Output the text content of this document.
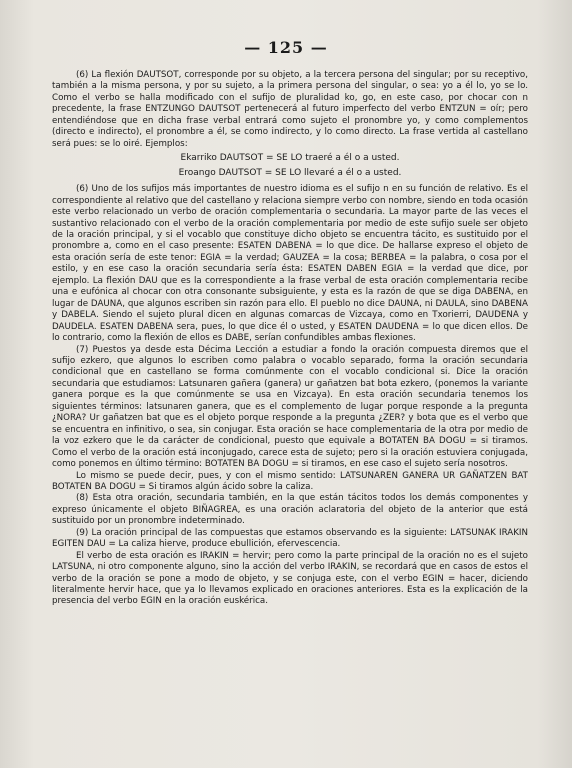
— 125 —

(6) La flexión DAUTSOT, corresponde por su objeto, a la tercera persona del singular; por su receptivo, también a la misma persona, y por su sujeto, a la primera persona del singular, o sea: yo a él lo, yo se lo. Como el verbo se halla modificado con el sufijo de pluralidad ko, go, en este caso, por chocar con n precedente, la frase ENTZUNGO DAUTSOT pertenecerá al futuro imperfecto del verbo ENTZUN = oír; pero entendiéndose que en dicha frase verbal entrará como sujeto el pronombre yo, y como complementos (directo e indirecto), el pronombre a él, se como indirecto, y lo como directo. La frase vertida al castellano será pues: se lo oiré. Ejemplos:

Ekarriko DAUTSOT = SE LO traeré a él o a usted.
Eroango DAUTSOT = SE LO llevaré a él o a usted.

(6) Uno de los sufijos más importantes de nuestro idioma es el sufijo n en su función de relativo. Es el correspondiente al relativo que del castellano y relaciona siempre verbo con nombre, siendo en toda ocasión este verbo relacionado un verbo de oración complementaria o secundaria. La mayor parte de las veces el sustantivo relacionado con el verbo de la oración complementaria por medio de este sufijo suele ser objeto de la oración principal, y si el vocablo que constituye dicho objeto se encuentra tácito, es sustituido por el pronombre a, como en el caso presente: ESATEN DABENA = lo que dice. De hallarse expreso el objeto de esta oración sería de este tenor: EGIA = la verdad; GAUZEA = la cosa; BERBEA = la palabra, o cosa por el estilo, y en ese caso la oración secundaria sería ésta: ESATEN DABEN EGIA = la verdad que dice, por ejemplo. La flexión DAU que es la correspondiente a la frase verbal de esta oración complementaria recibe una e eufónica al chocar con otra consonante subsiguiente, y esta es la razón de que se diga DABENA, en lugar de DAUNA, que algunos escriben sin razón para ello. El pueblo no dice DAUNA, ni DAULA, sino DABENA y DABELA. Siendo el sujeto plural dicen en algunas comarcas de Vizcaya, como en Txorierri, DAUDENA y DAUDELA. ESATEN DABENA sera, pues, lo que dice él o usted, y ESATEN DAUDENA = lo que dicen ellos. De lo contrario, como la flexión de ellos es DABE, serían confundibles ambas flexiones.

(7) Puestos ya desde esta Décima Lección a estudiar a fondo la oración compuesta diremos que el sufijo ezkero, que algunos lo escriben como palabra o vocablo separado, forma la oración secundaria condicional que en castellano se forma comúnmente con el vocablo condicional si. Dice la oración secundaria que estudiamos: Latsunaren gañera (ganera) ur gañatzen bat bota ezkero, (ponemos la variante ganera porque es la que comúnmente se usa en Vizcaya). En esta oración secundaria tenemos los siguientes términos: latsunaren ganera, que es el complemento de lugar porque responde a la pregunta ¿NORA? Ur gañatzen bat que es el objeto porque responde a la pregunta ¿ZER? y bota que es el verbo que se encuentra en infinitivo, o sea, sin conjugar. Esta oración se hace complementaria de la otra por medio de la voz ezkero que le da carácter de condicional, puesto que equivale a BOTATEN BA DOGU = si tiramos. Como el verbo de la oración está inconjugado, carece esta de sujeto; pero si la oración estuviera conjugada, como ponemos en último término: BOTATEN BA DOGU = si tiramos, en ese caso el sujeto sería nosotros.

Lo mismo se puede decir, pues, y con el mismo sentido: LATSUNAREN GANERA UR GAÑATZEN BAT BOTATEN BA DOGU = Si tiramos algún ácido sobre la caliza.

(8) Esta otra oración, secundaria también, en la que están tácitos todos los demás componentes y expreso únicamente el objeto BIÑAGREA, es una oración aclaratoria del objeto de la anterior que está sustituido por un pronombre indeterminado.

(9) La oración principal de las compuestas que estamos observando es la siguiente: LATSUNAK IRAKIN EGITEN DAU = La caliza hierve, produce ebullición, efervescencia.

El verbo de esta oración es IRAKIN = hervir; pero como la parte principal de la oración no es el sujeto LATSUNA, ni otro componente alguno, sino la acción del verbo IRAKIN, se recordará que en casos de estos el verbo de la oración se pone a modo de objeto, y se conjuga este, con el verbo EGIN = hacer, diciendo literalmente hervir hace, que ya lo llevamos explicado en oraciones anteriores. Esta es la explicación de la presencia del verbo EGIN en la oración euskérica.
